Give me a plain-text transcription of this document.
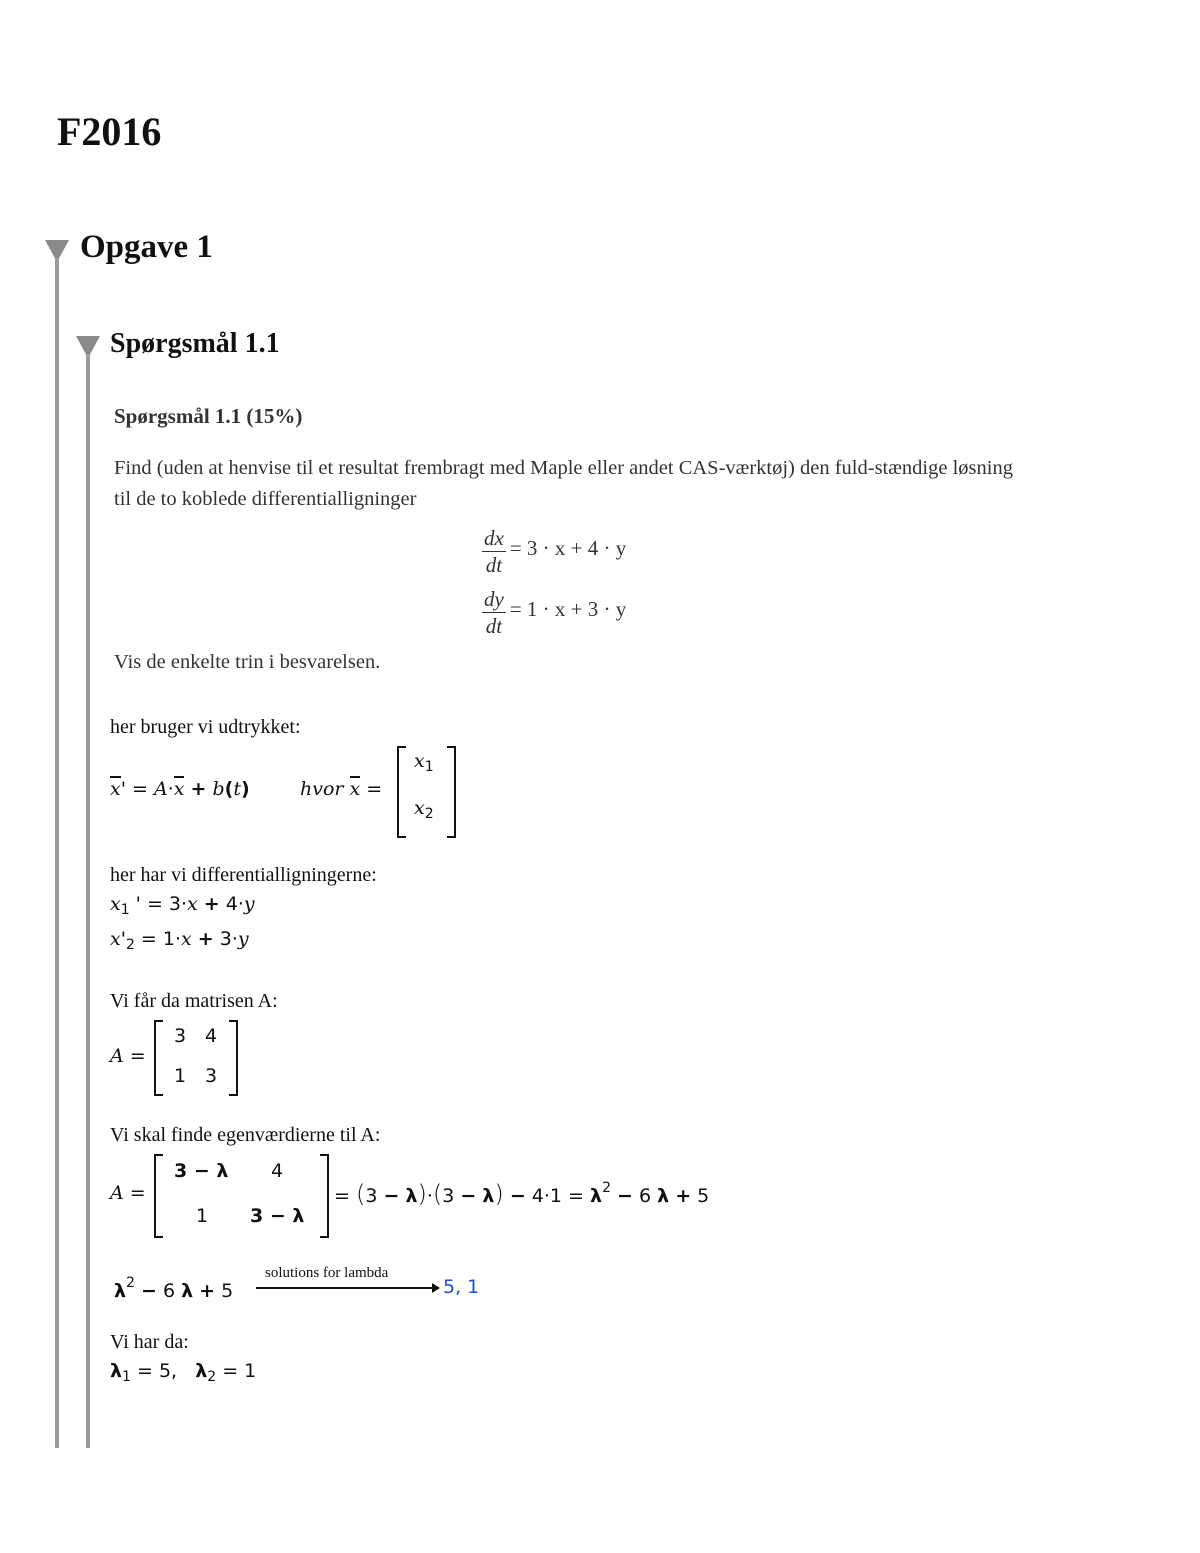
F2016
Opgave 1
Spørgsmål 1.1
Spørgsmål 1.1 (15%)
Find (uden at henvise til et resultat frembragt med Maple eller andet CAS-værktøj) den fuld-stændige løsning til de to koblede differentialligninger
$\frac{dx}{dt} = 3 \cdot x + 4 \cdot y$
$\frac{dy}{dt} = 1 \cdot x + 3 \cdot y$
Vis de enkelte trin i besvarelsen.
her bruger vi udtrykket:
x' = A·x + b(t)	hvor x =
$x_1$
$x_2$
her har vi differentialligningerne:
$x_1$ ' = 3·x + 4·y
$x'_2 = 1\cdot x + 3\cdot y$
Vi får da matrisen A:
A =
3 4
1 3
Vi skal finde egenværdierne til A:
A =
3 − λ 4
1 3 − λ
= $(3 - \lambda)\cdot(3 - \lambda) - 4\cdot 1 = \lambda^2 - 6$ λ + 5
$\lambda^2 - 6$ λ + 5
solutions for lambda
5, 1
Vi har da:
$\lambda_1 = 5$,   $\lambda_2 = 1$
